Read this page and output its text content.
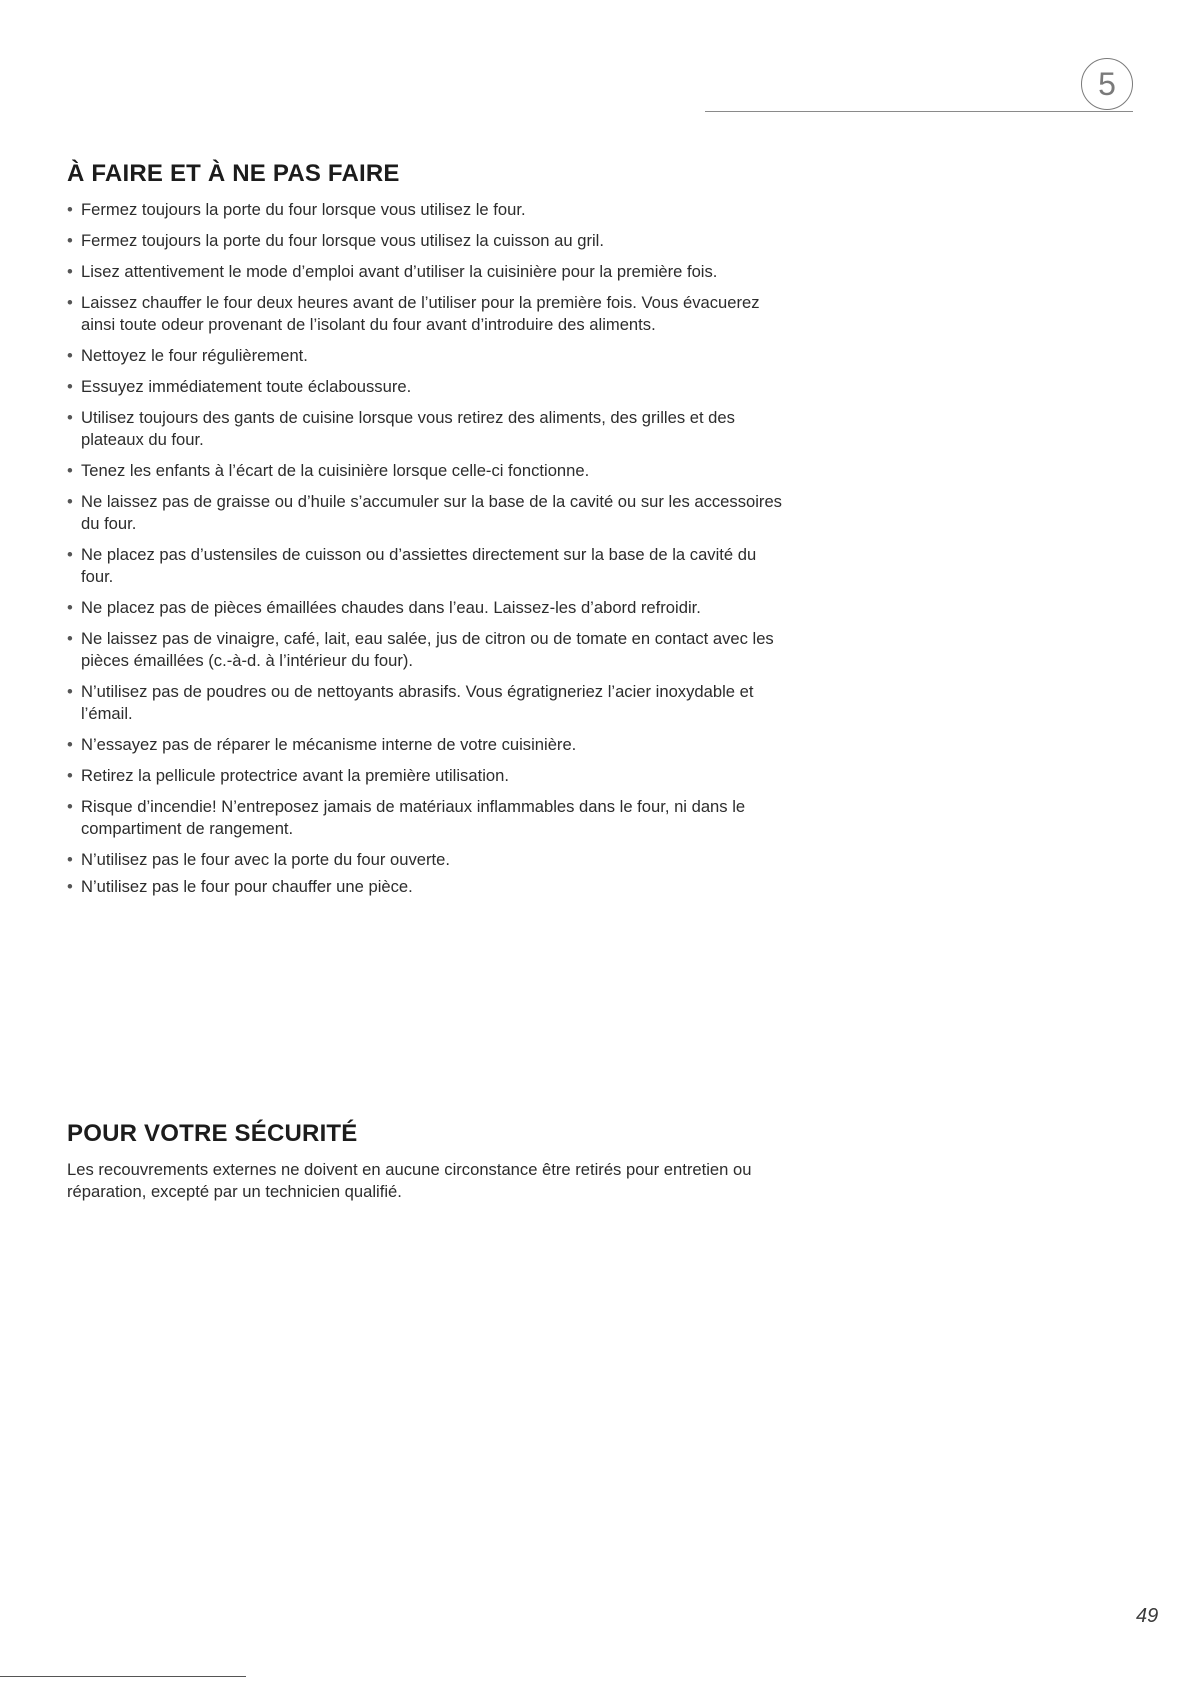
5
À FAIRE ET À NE PAS FAIRE
• Fermez toujours la porte du four lorsque vous utilisez le four.
• Fermez toujours la porte du four lorsque vous utilisez la cuisson au gril.
• Lisez attentivement le mode d’emploi avant d’utiliser la cuisinière pour la première fois.
• Laissez chauffer le four deux heures avant de l’utiliser pour la première fois. Vous évacuerez ainsi toute odeur provenant de l’isolant du four avant d’introduire des aliments.
• Nettoyez le four régulièrement.
• Essuyez immédiatement toute éclaboussure.
• Utilisez toujours des gants de cuisine lorsque vous retirez des aliments, des grilles et des plateaux du four.
• Tenez les enfants à l’écart de la cuisinière lorsque celle-ci fonctionne.
• Ne laissez pas de graisse ou d’huile s’accumuler sur la base de la cavité ou sur les accessoires du four.
• Ne placez pas d’ustensiles de cuisson ou d’assiettes directement sur la base de la cavité du four.
• Ne placez pas de pièces émaillées chaudes dans l’eau. Laissez-les d’abord refroidir.
• Ne laissez pas de vinaigre, café, lait, eau salée, jus de citron ou de tomate en contact avec les pièces émaillées (c.-à-d. à l’intérieur du four).
• N’utilisez pas de poudres ou de nettoyants abrasifs. Vous égratigneriez l’acier inoxydable et l’émail.
• N’essayez pas de réparer le mécanisme interne de votre cuisinière.
• Retirez la pellicule protectrice avant la première utilisation.
• Risque d’incendie! N’entreposez jamais de matériaux inflammables dans le four, ni dans le compartiment de rangement.
• N’utilisez pas le four avec la porte du four ouverte.
• N’utilisez pas le four pour chauffer une pièce.
POUR VOTRE SÉCURITÉ

Les recouvrements externes ne doivent en aucune circonstance être retirés pour entretien ou réparation, excepté par un technicien qualifié.

49
